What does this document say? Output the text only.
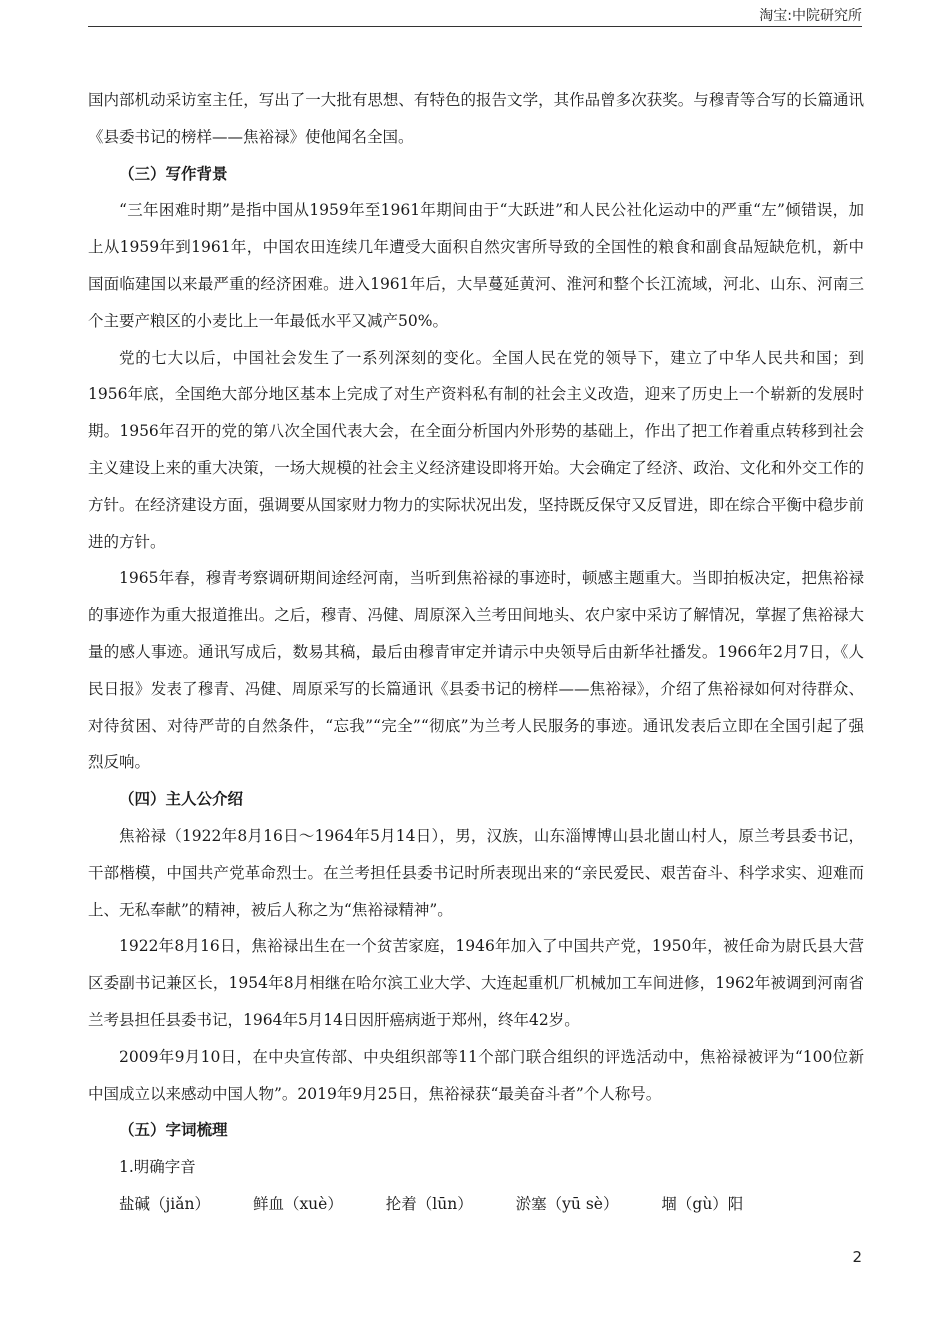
淘宝:中院研究所

国内部机动采访室主任，写出了一大批有思想、有特色的报告文学，其作品曾多次获奖。与穆青等合写的长篇通讯《县委书记的榜样——焦裕禄》使他闻名全国。

（三）写作背景

“三年困难时期”是指中国从1959年至1961年期间由于“大跃进”和人民公社化运动中的严重“左”倾错误，加上从1959年到1961年，中国农田连续几年遭受大面积自然灾害所导致的全国性的粮食和副食品短缺危机，新中国面临建国以来最严重的经济困难。进入1961年后，大旱蔓延黄河、淮河和整个长江流域，河北、山东、河南三个主要产粮区的小麦比上一年最低水平又减产50%。

党的七大以后，中国社会发生了一系列深刻的变化。全国人民在党的领导下，建立了中华人民共和国；到1956年底，全国绝大部分地区基本上完成了对生产资料私有制的社会主义改造，迎来了历史上一个崭新的发展时期。1956年召开的党的第八次全国代表大会，在全面分析国内外形势的基础上，作出了把工作着重点转移到社会主义建设上来的重大决策，一场大规模的社会主义经济建设即将开始。大会确定了经济、政治、文化和外交工作的方针。在经济建设方面，强调要从国家财力物力的实际状况出发，坚持既反保守又反冒进，即在综合平衡中稳步前进的方针。

1965年春，穆青考察调研期间途经河南，当听到焦裕禄的事迹时，顿感主题重大。当即拍板决定，把焦裕禄的事迹作为重大报道推出。之后，穆青、冯健、周原深入兰考田间地头、农户家中采访了解情况，掌握了焦裕禄大量的感人事迹。通讯写成后，数易其稿，最后由穆青审定并请示中央领导后由新华社播发。1966年2月7日，《人民日报》发表了穆青、冯健、周原采写的长篇通讯《县委书记的榜样——焦裕禄》，介绍了焦裕禄如何对待群众、对待贫困、对待严苛的自然条件，“忘我”“完全”“彻底”为兰考人民服务的事迹。通讯发表后立即在全国引起了强烈反响。

（四）主人公介绍

焦裕禄（1922年8月16日～1964年5月14日），男，汉族，山东淄博博山县北崮山村人，原兰考县委书记，干部楷模，中国共产党革命烈士。在兰考担任县委书记时所表现出来的“亲民爱民、艰苦奋斗、科学求实、迎难而上、无私奉献”的精神，被后人称之为“焦裕禄精神”。

1922年8月16日，焦裕禄出生在一个贫苦家庭，1946年加入了中国共产党，1950年，被任命为尉氏县大营区委副书记兼区长，1954年8月相继在哈尔滨工业大学、大连起重机厂机械加工车间进修，1962年被调到河南省兰考县担任县委书记，1964年5月14日因肝癌病逝于郑州，终年42岁。

2009年9月10日，在中央宣传部、中央组织部等11个部门联合组织的评选活动中，焦裕禄被评为“100位新中国成立以来感动中国人物”。2019年9月25日，焦裕禄获“最美奋斗者”个人称号。

（五）字词梳理

1.明确字音

盐碱（jiǎn）	鲜血（xuè）	抡着（lūn）	淤塞（yū sè）	堌（gù）阳

2
